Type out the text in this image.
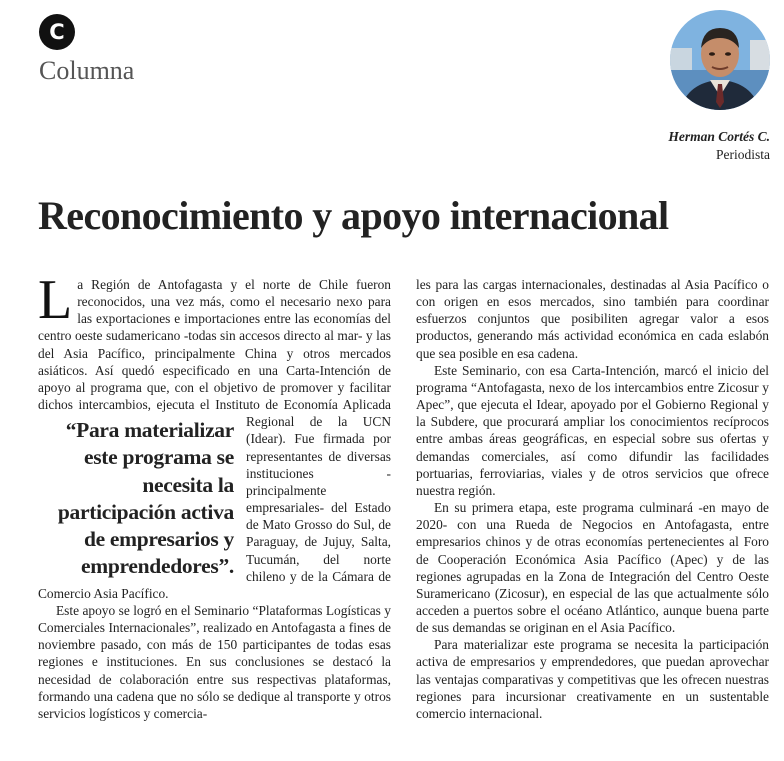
C
Columna
Herman Cortés C.
Periodista
Reconocimiento y apoyo internacional

La Región de Antofagasta y el norte de Chile fueron reconocidos, una vez más, como el necesario nexo para las exportaciones e importaciones entre las economías del centro oeste sudamericano -todas sin accesos directo al mar- y las del Asia Pacífico, principalmente China y otros mercados asiáticos. Así quedó especificado en una Carta-Intención de apoyo al programa que, con el objetivo de promover y facilitar dichos intercambios, ejecuta
“Para materializar este programa se necesita la participación activa de empresarios y emprendedores”.
el Instituto de Economía Aplicada Regional de la UCN (Idear). Fue firmada por representantes de diversas instituciones -principalmente empresariales- del Estado de Mato Grosso do Sul, de Paraguay, de Jujuy, Salta, Tucumán, del norte chileno y de la Cámara de Comercio Asia Pacífico.

Este apoyo se logró en el Seminario “Plataformas Logísticas y Comerciales Internacionales”, realizado en Antofagasta a fines de noviembre pasado, con más de 150 participantes de todas esas regiones e instituciones. En sus conclusiones se destacó la necesidad de colaboración entre sus respectivas plataformas, formando una cadena que no sólo se dedique al transporte y otros servicios logísticos y comercia-

les para las cargas internacionales, destinadas al Asia Pacífico o con origen en esos mercados, sino también para coordinar esfuerzos conjuntos que posibiliten agregar valor a esos productos, generando más actividad económica en cada eslabón que sea posible en esa cadena.

Este Seminario, con esa Carta-Intención, marcó el inicio del programa “Antofagasta, nexo de los intercambios entre Zicosur y Apec”, que ejecuta el Idear, apoyado por el Gobierno Regional y la Subdere, que procurará ampliar los conocimientos recíprocos entre ambas áreas geográficas, en especial sobre sus ofertas y demandas comerciales, así como difundir las facilidades portuarias, ferroviarias, viales y de otros servicios que ofrece nuestra región.

En su primera etapa, este programa culminará -en mayo de 2020- con una Rueda de Negocios en Antofagasta, entre empresarios chinos y de otras economías pertenecientes al Foro de Cooperación Económica Asia Pacífico (Apec) y de las regiones agrupadas en la Zona de Integración del Centro Oeste Suramericano (Zicosur), en especial de las que actualmente sólo acceden a puertos sobre el océano Atlántico, aunque buena parte de sus demandas se originan en el Asia Pacífico.

Para materializar este programa se necesita la participación activa de empresarios y emprendedores, que puedan aprovechar las ventajas comparativas y competitivas que les ofrecen nuestras regiones para incursionar creativamente en un sustentable comercio internacional.
